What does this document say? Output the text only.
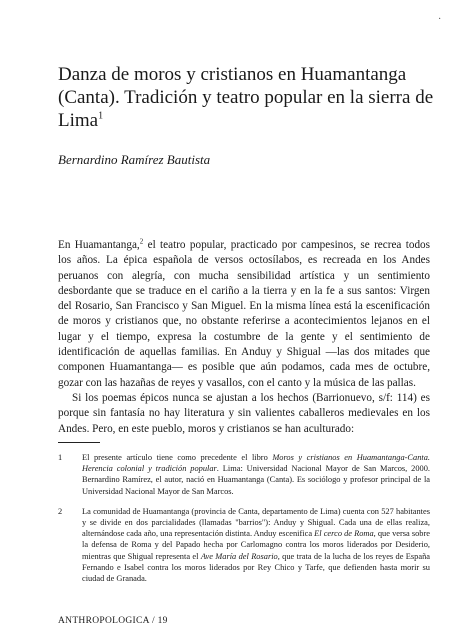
·
Danza de moros y cristianos en Huamantanga (Canta). Tradición y teatro popular en la sierra de Lima$^1$
Bernardino Ramírez Bautista

En Huamantanga,$^2$ el teatro popular, practicado por campesinos, se recrea todos los años. La épica española de versos octosílabos, es recreada en los Andes peruanos con alegría, con mucha sensibilidad artística y un sentimiento desbordante que se traduce en el cariño a la tierra y en la fe a sus santos: Virgen del Rosario, San Francisco y San Miguel. En la misma línea está la escenificación de moros y cristianos que, no obstante referirse a acontecimientos lejanos en el lugar y el tiempo, expresa la costumbre de la gente y el sentimiento de identificación de aquellas familias. En Anduy y Shigual —las dos mitades que componen Huamantanga— es posible que aún podamos, cada mes de octubre, gozar con las hazañas de reyes y vasallos, con el canto y la música de las pallas.

Si los poemas épicos nunca se ajustan a los hechos (Barrionuevo, s/f: 114) es porque sin fantasía no hay literatura y sin valientes caballeros medievales en los Andes. Pero, en este pueblo, moros y cristianos se han aculturado:

1	El presente artículo tiene como precedente el libro Moros y cristianos en Huamantanga-Canta. Herencia colonial y tradición popular. Lima: Universidad Nacional Mayor de San Marcos, 2000. Bernardino Ramírez, el autor, nació en Huamantanga (Canta). Es sociólogo y profesor principal de la Universidad Nacional Mayor de San Marcos.
2	La comunidad de Huamantanga (provincia de Canta, departamento de Lima) cuenta con 527 habitantes y se divide en dos parcialidades (llamadas "barrios"): Anduy y Shigual. Cada una de ellas realiza, alternándose cada año, una representación distinta. Anduy escenifica El cerco de Roma, que versa sobre la defensa de Roma y del Papado hecha por Carlomagno contra los moros liderados por Desiderio, mientras que Shigual representa el Ave María del Rosario, que trata de la lucha de los reyes de España Fernando e Isabel contra los moros liderados por Rey Chico y Tarfe, que defienden hasta morir su ciudad de Granada.
ANTHROPOLOGICA / 19
